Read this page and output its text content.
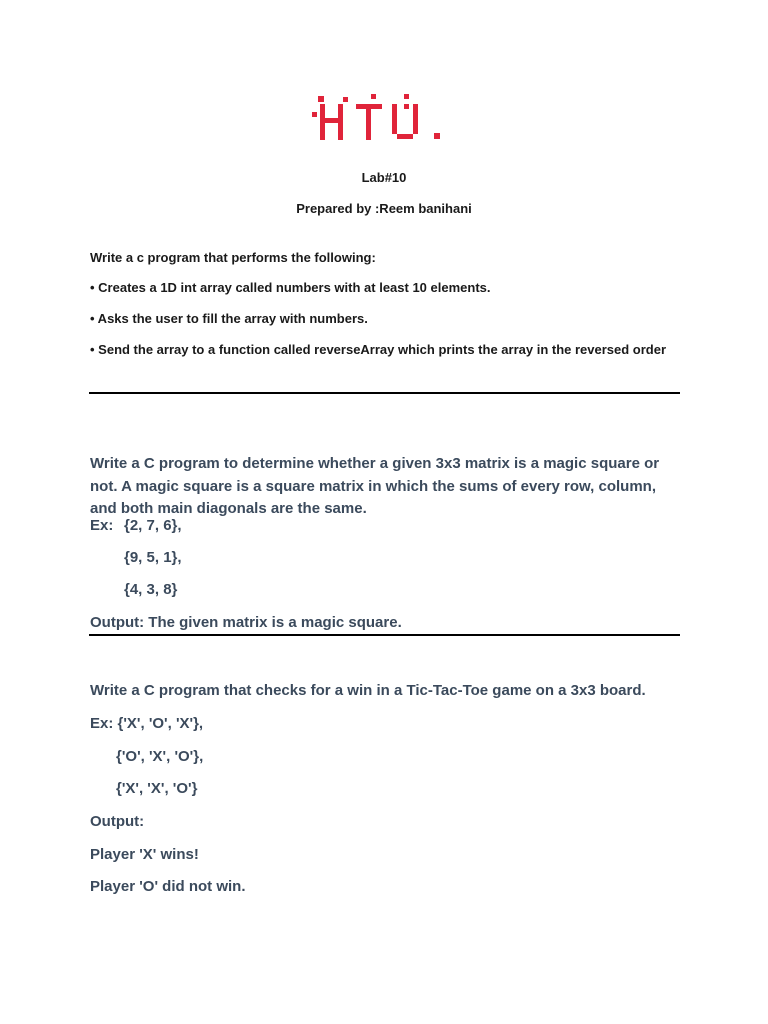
Lab#10

Prepared by :Reem banihani

Write a c program that performs the following:

• Creates a 1D int array called numbers with at least 10 elements.

• Asks the user to fill the array with numbers.

• Send the array to a function called reverseArray which prints the array in the reversed order

Write a C program to determine whether a given 3x3 matrix is a magic square or not. A magic square is a square matrix in which the sums of every row, column, and both main diagonals are the same.

Ex: {2, 7, 6},

{9, 5, 1},

{4, 3, 8}

Output: The given matrix is a magic square.

Write a C program that checks for a win in a Tic-Tac-Toe game on a 3x3 board.

Ex: {'X', 'O', 'X'},

{'O', 'X', 'O'},

{'X', 'X', 'O'}

Output:

Player 'X' wins!

Player 'O' did not win.
